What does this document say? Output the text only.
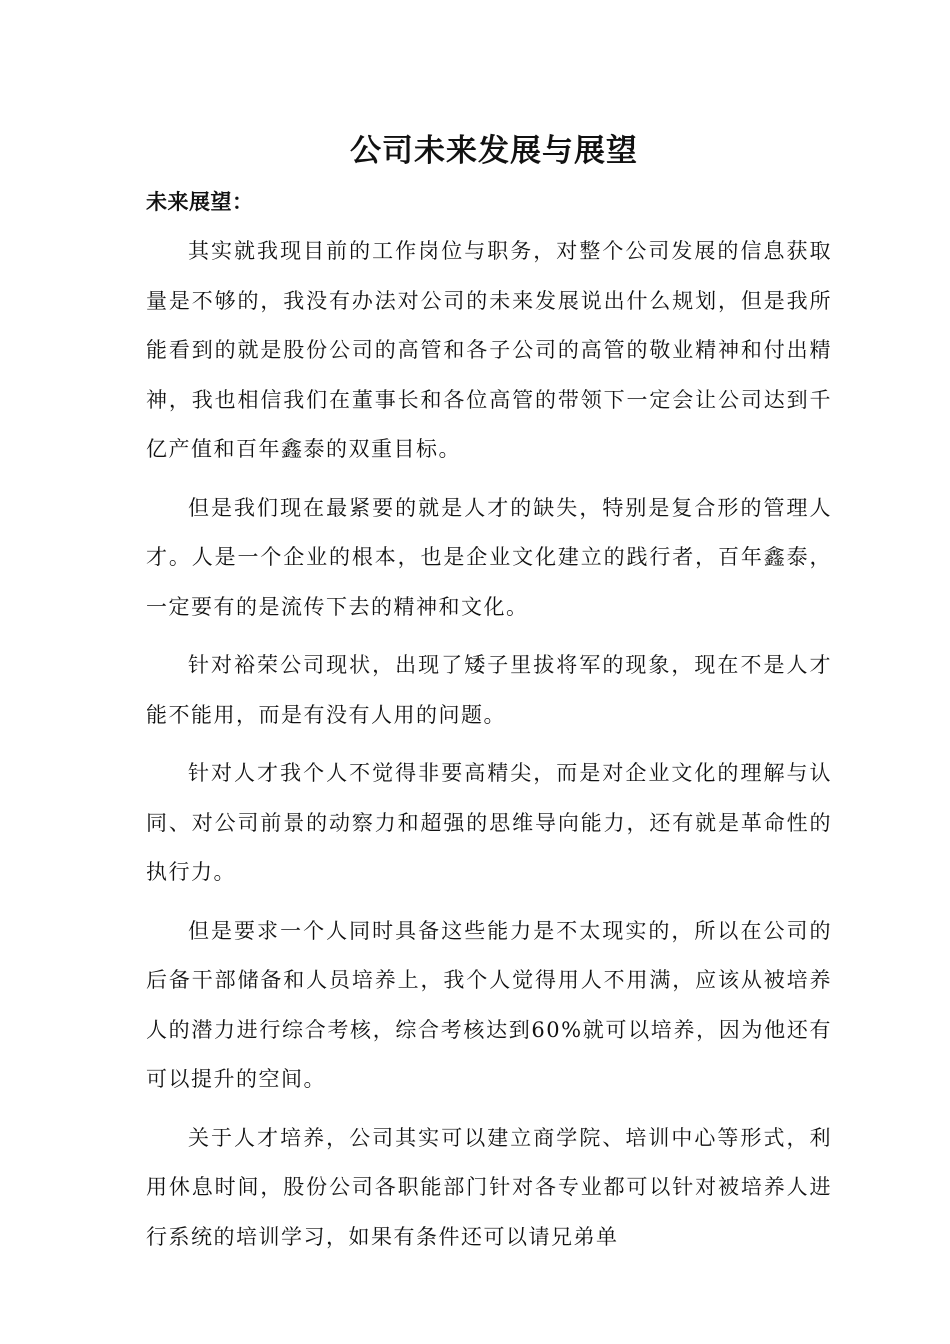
公司未来发展与展望
未来展望：

其实就我现目前的工作岗位与职务，对整个公司发展的信息获取量是不够的，我没有办法对公司的未来发展说出什么规划，但是我所能看到的就是股份公司的高管和各子公司的高管的敬业精神和付出精神，我也相信我们在董事长和各位高管的带领下一定会让公司达到千亿产值和百年鑫泰的双重目标。

但是我们现在最紧要的就是人才的缺失，特别是复合形的管理人才。人是一个企业的根本，也是企业文化建立的践行者，百年鑫泰，一定要有的是流传下去的精神和文化。

针对裕荣公司现状，出现了矮子里拔将军的现象，现在不是人才能不能用，而是有没有人用的问题。

针对人才我个人不觉得非要高精尖，而是对企业文化的理解与认同、对公司前景的动察力和超强的思维导向能力，还有就是革命性的执行力。

但是要求一个人同时具备这些能力是不太现实的，所以在公司的后备干部储备和人员培养上，我个人觉得用人不用满，应该从被培养人的潜力进行综合考核，综合考核达到60%就可以培养，因为他还有可以提升的空间。

关于人才培养，公司其实可以建立商学院、培训中心等形式，利用休息时间，股份公司各职能部门针对各专业都可以针对被培养人进行系统的培训学习，如果有条件还可以请兄弟单
